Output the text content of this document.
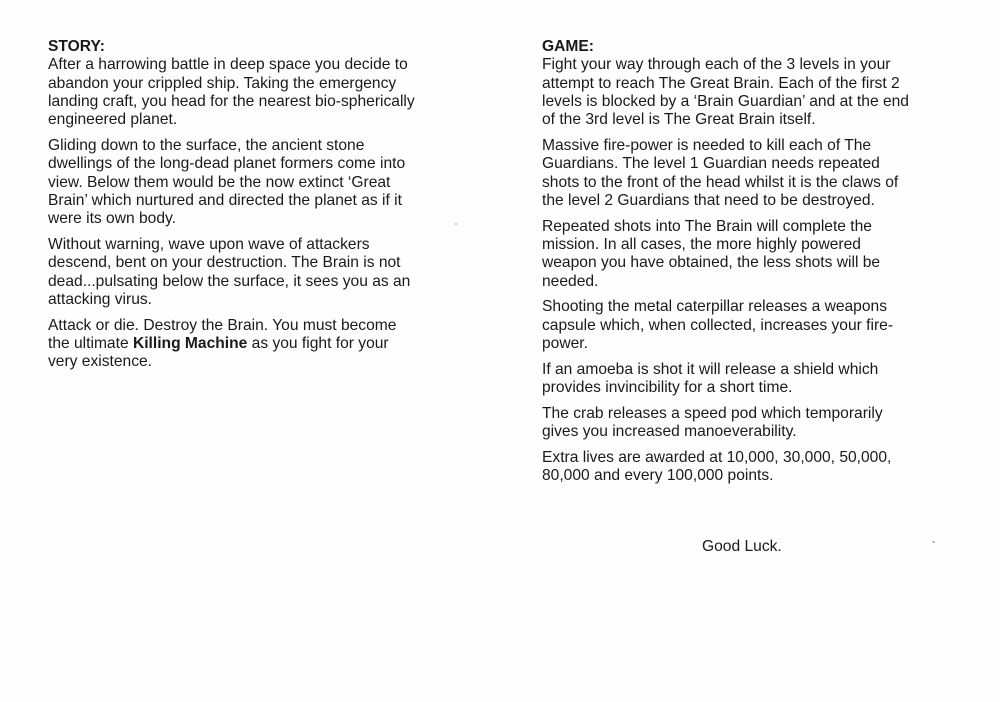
STORY:

After a harrowing battle in deep space you decide to
abandon your crippled ship. Taking the emergency
landing craft, you head for the nearest bio-spherically
engineered planet.

Gliding down to the surface, the ancient stone
dwellings of the long-dead planet formers come into
view. Below them would be the now extinct ‘Great
Brain’ which nurtured and directed the planet as if it
were its own body.

Without warning, wave upon wave of attackers
descend, bent on your destruction. The Brain is not
dead...pulsating below the surface, it sees you as an
attacking virus.

Attack or die. Destroy the Brain. You must become
the ultimate Killing Machine as you fight for your
very existence.

GAME:

Fight your way through each of the 3 levels in your
attempt to reach The Great Brain. Each of the first 2
levels is blocked by a ‘Brain Guardian’ and at the end
of the 3rd level is The Great Brain itself.

Massive fire-power is needed to kill each of The
Guardians. The level 1 Guardian needs repeated
shots to the front of the head whilst it is the claws of
the level 2 Guardians that need to be destroyed.

Repeated shots into The Brain will complete the
mission. In all cases, the more highly powered
weapon you have obtained, the less shots will be
needed.

Shooting the metal caterpillar releases a weapons
capsule which, when collected, increases your fire-
power.

If an amoeba is shot it will release a shield which
provides invincibility for a short time.

The crab releases a speed pod which temporarily
gives you increased manoeverability.

Extra lives are awarded at 10,000, 30,000, 50,000,
80,000 and every 100,000 points.

Good Luck.
